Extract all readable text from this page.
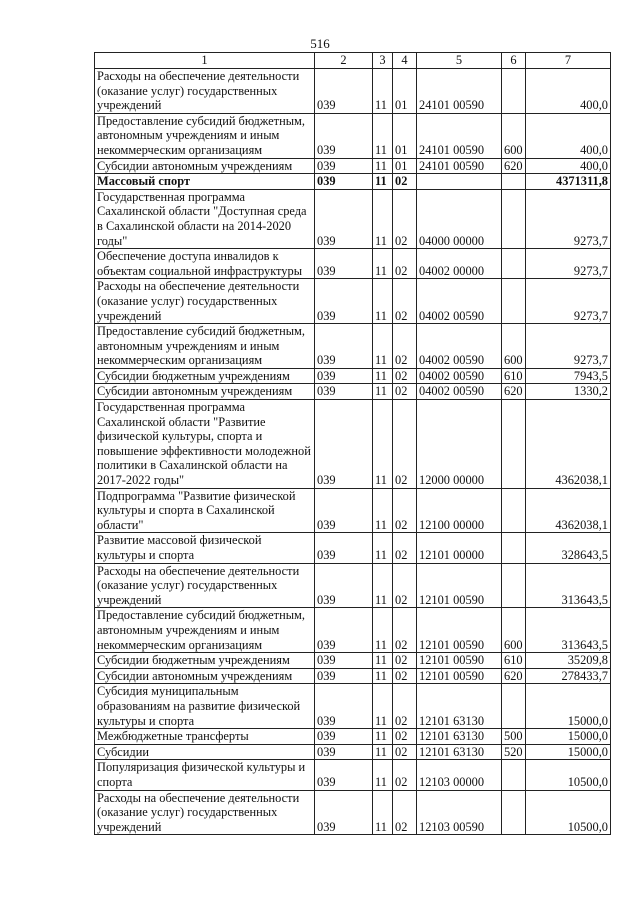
516
1	2	3	4	5	6	7
Расходы на обеспечение деятельности (оказание услуг) государственных учреждений	039	11	01	24101 00590		400,0
Предоставление субсидий бюджетным, автономным учреждениям и иным некоммерческим организациям	039	11	01	24101 00590	600	400,0
Субсидии автономным учреждениям	039	11	01	24101 00590	620	400,0
Массовый спорт	039	11	02			4371311,8
Государственная программа Сахалинской области "Доступная среда в Сахалинской области на 2014-2020 годы"	039	11	02	04000 00000		9273,7
Обеспечение доступа инвалидов к объектам социальной инфраструктуры	039	11	02	04002 00000		9273,7
Расходы на обеспечение деятельности (оказание услуг) государственных учреждений	039	11	02	04002 00590		9273,7
Предоставление субсидий бюджетным, автономным учреждениям и иным некоммерческим организациям	039	11	02	04002 00590	600	9273,7
Субсидии бюджетным учреждениям	039	11	02	04002 00590	610	7943,5
Субсидии автономным учреждениям	039	11	02	04002 00590	620	1330,2
Государственная программа Сахалинской области "Развитие физической культуры, спорта и повышение эффективности молодежной политики в Сахалинской области на 2017-2022 годы"	039	11	02	12000 00000		4362038,1
Подпрограмма "Развитие физической культуры и спорта в Сахалинской области"	039	11	02	12100 00000		4362038,1
Развитие массовой физической культуры и спорта	039	11	02	12101 00000		328643,5
Расходы на обеспечение деятельности (оказание услуг) государственных учреждений	039	11	02	12101 00590		313643,5
Предоставление субсидий бюджетным, автономным учреждениям и иным некоммерческим организациям	039	11	02	12101 00590	600	313643,5
Субсидии бюджетным учреждениям	039	11	02	12101 00590	610	35209,8
Субсидии автономным учреждениям	039	11	02	12101 00590	620	278433,7
Субсидия муниципальным образованиям на развитие физической культуры и спорта	039	11	02	12101 63130		15000,0
Межбюджетные трансферты	039	11	02	12101 63130	500	15000,0
Субсидии	039	11	02	12101 63130	520	15000,0
Популяризация физической культуры и спорта	039	11	02	12103 00000		10500,0
Расходы на обеспечение деятельности (оказание услуг) государственных учреждений	039	11	02	12103 00590		10500,0
